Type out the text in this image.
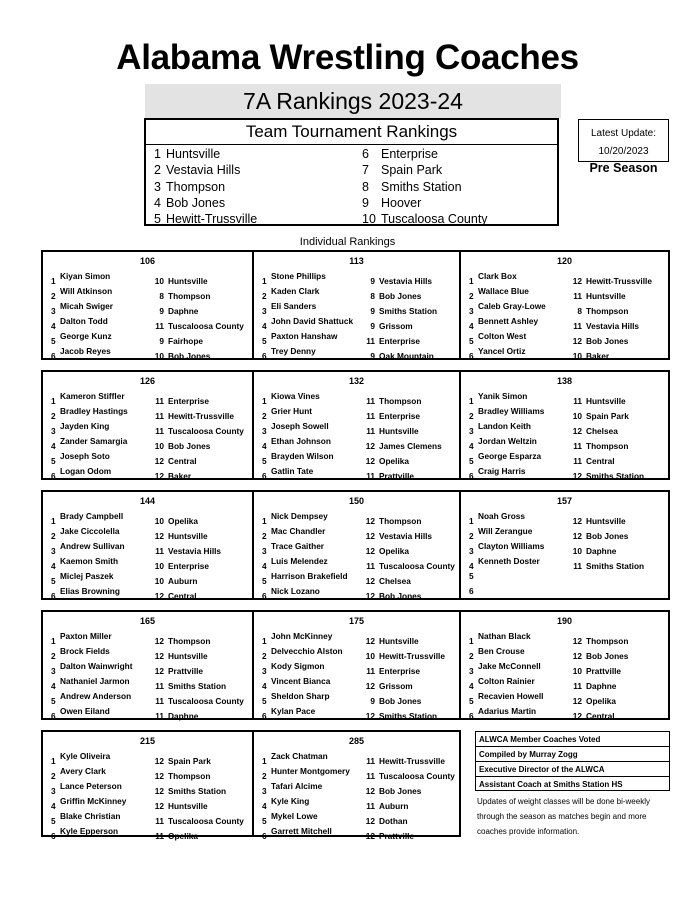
Alabama Wrestling Coaches
7A Rankings 2023-24
Team Tournament Rankings
1 Huntsville
2 Vestavia Hills
3 Thompson
4 Bob Jones
5 Hewitt-Trussville
6 Enterprise
7 Spain Park
8 Smiths Station
9 Hoover
10 Tuscaloosa County
Latest Update:
10/20/2023
Pre Season
Individual Rankings
106
1 Kiyan Simon	10 Huntsville
2 Will Atkinson	8 Thompson
3 Micah Swiger	9 Daphne
4 Dalton Todd	11 Tuscaloosa County
5 George Kunz	9 Fairhope
6 Jacob Reyes	10 Bob Jones
113
1 Stone Phillips	9 Vestavia Hills
2 Kaden Clark	8 Bob Jones
3 Eli Sanders	9 Smiths Station
4 John David Shattuck 9 Grissom
5 Paxton Hanshaw	11 Enterprise
6 Trey Denny	9 Oak Mountain
120
1 Clark Box	12 Hewitt-Trussville
2 Wallace Blue	11 Huntsville
3 Caleb Gray-Lowe	8 Thompson
4 Bennett Ashley	11 Vestavia Hills
5 Colton West	12 Bob Jones
6 Yancel Ortiz	10 Baker
126
1 Kameron Stiffler	11 Enterprise
2 Bradley Hastings	11 Hewitt-Trussville
3 Jayden King	11 Tuscaloosa County
4 Zander Samargia	10 Bob Jones
5 Joseph Soto	12 Central
6 Logan Odom	12 Baker
132
1 Kiowa Vines	11 Thompson
2 Grier Hunt	11 Enterprise
3 Joseph Sowell	11 Huntsville
4 Ethan Johnson	12 James Clemens
5 Brayden Wilson	12 Opelika
6 Gatlin Tate	11 Prattville
138
1 Yanik Simon	11 Huntsville
2 Bradley Williams	10 Spain Park
3 Landon Keith	12 Chelsea
4 Jordan Weltzin	11 Thompson
5 George Esparza	11 Central
6 Craig Harris	12 Smiths Station
144
1 Brady Campbell	10 Opelika
2 Jake Ciccolella	12 Huntsville
3 Andrew Sullivan	11 Vestavia Hills
4 Kaemon Smith	10 Enterprise
5 Miclej Paszek	10 Auburn
6 Elias Browning	12 Central
150
1 Nick Dempsey	12 Thompson
2 Mac Chandler	12 Vestavia Hills
3 Trace Gaither	12 Opelika
4 Luis Melendez	11 Tuscaloosa County
5 Harrison Brakefield 12 Chelsea
6 Nick Lozano	12 Bob Jones
157
1 Noah Gross	12 Huntsville
2 Will Zerangue	12 Bob Jones
3 Clayton Williams	10 Daphne
4 Kenneth Doster	11 Smiths Station
5
6
165
1 Paxton Miller	12 Thompson
2 Brock Fields	12 Huntsville
3 Dalton Wainwright	12 Prattville
4 Nathaniel Jarmon	11 Smiths Station
5 Andrew Anderson	11 Tuscaloosa County
6 Owen Eiland	11 Daphne
175
1 John McKinney	12 Huntsville
2 Delvecchio Alston	10 Hewitt-Trussville
3 Kody Sigmon	11 Enterprise
4 Vincent Bianca	12 Grissom
5 Sheldon Sharp	9 Bob Jones
6 Kylan Pace	12 Smiths Station
190
1 Nathan Black	12 Thompson
2 Ben Crouse	12 Bob Jones
3 Jake McConnell	10 Prattville
4 Colton Rainier	11 Daphne
5 Recavien Howell	12 Opelika
6 Adarius Martin	12 Central
215
1 Kyle Oliveira	12 Spain Park
2 Avery Clark	12 Thompson
3 Lance Peterson	12 Smiths Station
4 Griffin McKinney	12 Huntsville
5 Blake Christian	11 Tuscaloosa County
6 Kyle Epperson	11 Opelika
285
1 Zack Chatman	11 Hewitt-Trussville
2 Hunter Montgomery 11 Tuscaloosa County
3 Tafari Alcime	12 Bob Jones
4 Kyle King	11 Auburn
5 Mykel Lowe	12 Dothan
6 Garrett Mitchell	12 Prattville
ALWCA Member Coaches Voted
Compiled by Murray Zogg
Executive Director of the ALWCA
Assistant Coach at Smiths Station HS
Updates of weight classes will be done bi-weekly
through the season as matches begin and more
coaches provide information.
